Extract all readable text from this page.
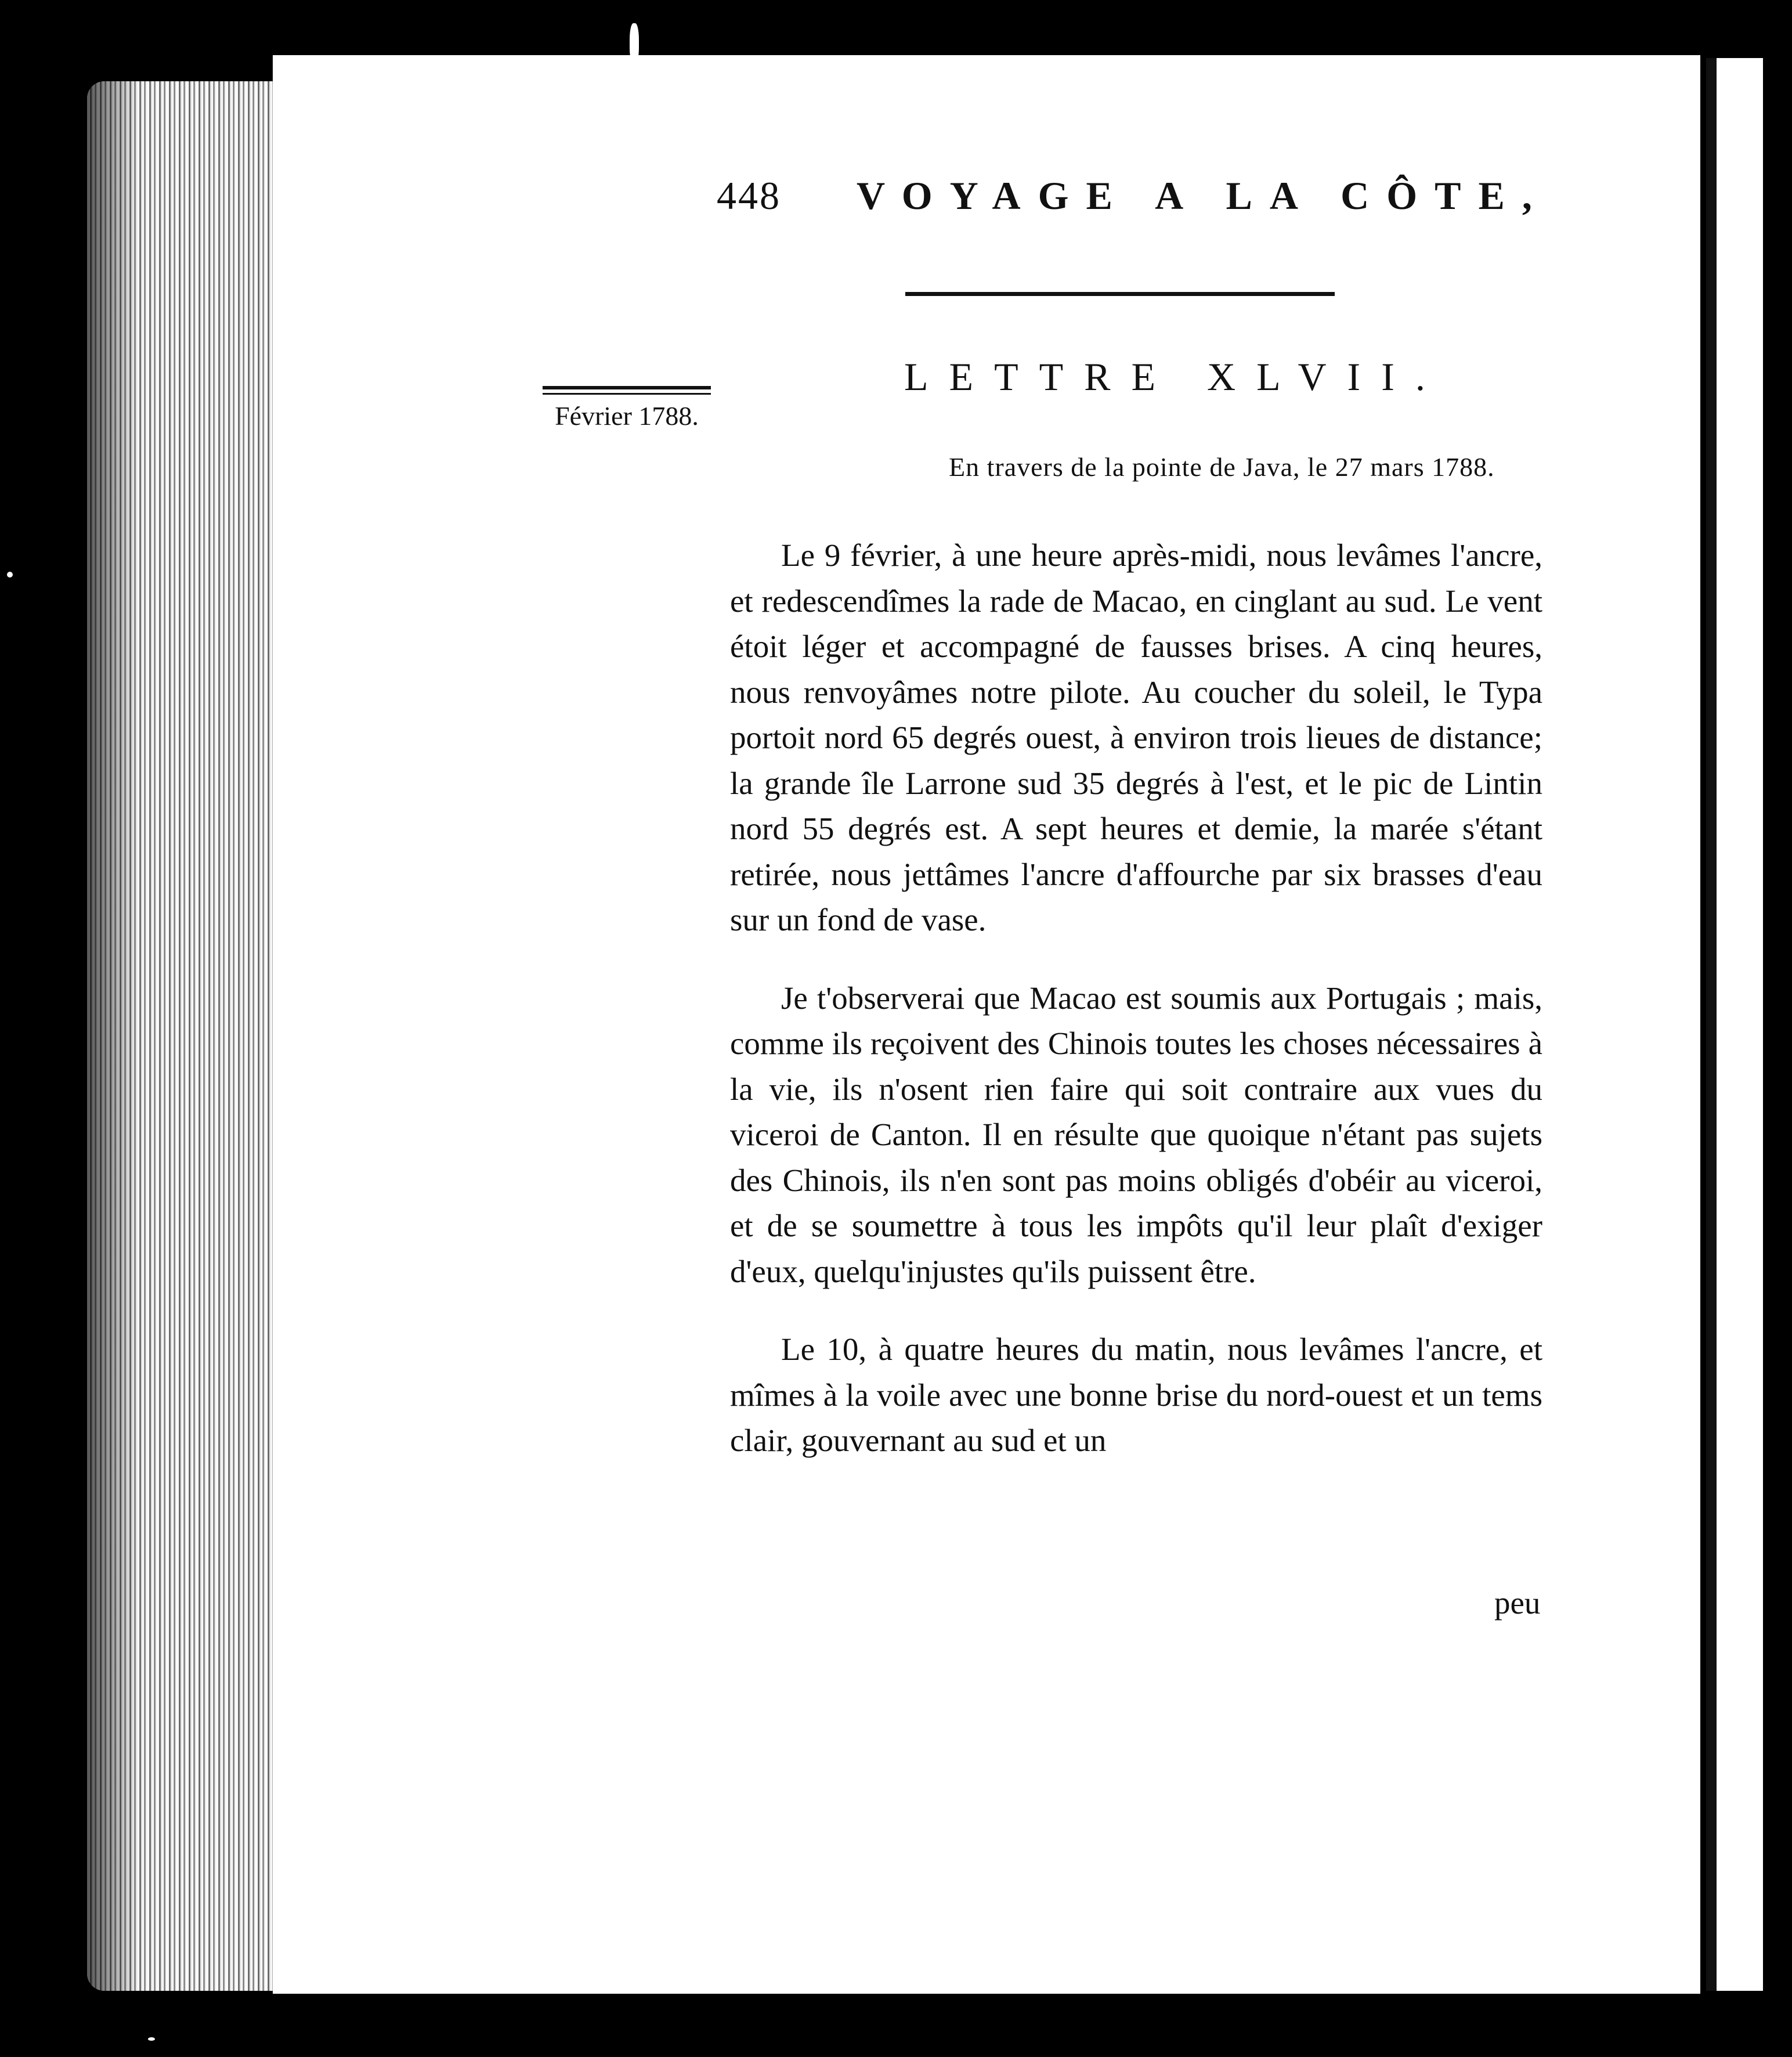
448 VOYAGE A LA CÔTE,
Février 1788.
LETTRE XLVII.
En travers de la pointe de Java, le 27 mars 1788.

Le 9 février, à une heure après-midi, nous levâmes l'ancre, et redescendîmes la rade de Macao, en cinglant au sud. Le vent étoit léger et accompagné de fausses brises. A cinq heures, nous renvoyâmes notre pilote. Au coucher du soleil, le Typa portoit nord 65 degrés ouest, à environ trois lieues de distance; la grande île Larrone sud 35 degrés à l'est, et le pic de Lintin nord 55 degrés est. A sept heures et demie, la marée s'étant retirée, nous jettâmes l'ancre d'affourche par six brasses d'eau sur un fond de vase.

Je t'observerai que Macao est soumis aux Portugais ; mais, comme ils reçoivent des Chinois toutes les choses nécessaires à la vie, ils n'osent rien faire qui soit contraire aux vues du viceroi de Canton. Il en résulte que quoique n'étant pas sujets des Chinois, ils n'en sont pas moins obligés d'obéir au viceroi, et de se soumettre à tous les impôts qu'il leur plaît d'exiger d'eux, quelqu'injustes qu'ils puissent être.

Le 10, à quatre heures du matin, nous levâmes l'ancre, et mîmes à la voile avec une bonne brise du nord-ouest et un tems clair, gouvernant au sud et un

peu
